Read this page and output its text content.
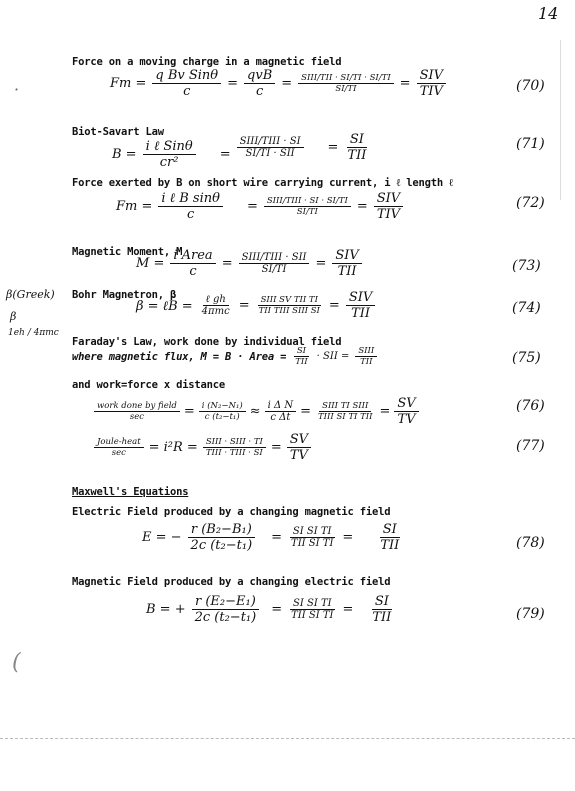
14
β(Greek)
β
1eh / 4πmc
·
(
Force on a moving charge in a magnetic field
$Fm = \frac{\text{q Bv Sinθ}}{c} = \frac{\text{qvB}}{c} = \frac{\text{SIII/TII · SI/TI · SI/TI}}{SI/TI} = \frac{\text{SIV}}{\text{TIV}}$	(70)
Biot-Savart Law
$B = \frac{\text{i ℓ Sinθ}}{\text{cr²}} = \frac{\text{SIII/TIII · SI}}{\text{SI/TI · SII}} = \frac{SI}{\text{TII}}$	(71)
Force exerted by B on short wire carrying current, i ℓ length ℓ
$Fm = \frac{\text{i ℓ B sinθ}}{c} = \frac{\text{SIII/TIII · SI · SI/TI}}{SI/TI} = \frac{\text{SIV}}{\text{TIV}}$	(72)
Magnetic Moment, M
$M = \frac{\text{i Area}}{c} = \frac{\text{SIII/TIII · SII}}{SI/TI} = \frac{\text{SIV}}{\text{TII}}$	(73)
Bohr Magnetron, β
β = ℓB = $\frac{\text{ℓ gh}}{\text{4πmc}} = \frac{\text{SIII SV TII TI}}{\text{TII TIII SIII SI}} = \frac{\text{SIV}}{\text{TII}}$	(74)
Faraday's Law, work done by individual field
where magnetic flux, M = B · Area = $\frac{SI}{\text{TII}}$ · SII = $\frac{\text{SIII}}{\text{TII}}$	(75)
and work=force x distance
$\frac{\text{work done by field}}{\sec} = \frac{\text{i (N₂−N₁)}}{\text{c (t₂−t₁)}} \approx \frac{\text{i Δ N}}{\text{c Δt}} = \frac{\text{SIII TI SIII}}{\text{TIII SI TI TII}} = \frac{SV}{TV}$	(76)
$\frac{\text{Joule-heat}}{\sec} = i^2R = \frac{\text{SIII · SIII · TI}}{\text{TIII · TIII · SI}} = \frac{SV}{TV}$	(77)
Maxwell's Equations
Electric Field produced by a changing magnetic field
E = − $\frac{\text{r (B₂−B₁)}}{\text{2c (t₂−t₁)}} = \frac{\text{SI SI TI}}{\text{TII SI TI}} = \frac{SI}{\text{TII}}$	(78)
Magnetic Field produced by a changing electric field
B = + $\frac{\text{r (E₂−E₁)}}{\text{2c (t₂−t₁)}} = \frac{\text{SI SI TI}}{\text{TII SI TI}} = \frac{SI}{\text{TII}}$	(79)
